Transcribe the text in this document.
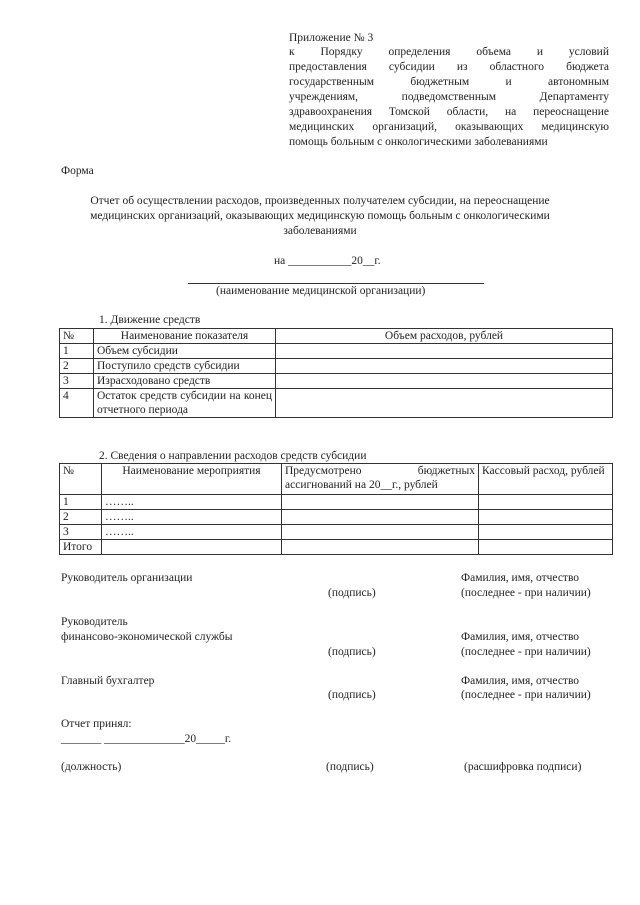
Приложение № 3
к Порядку определения объема и условий
предоставления субсидии из областного бюджета
государственным бюджетным и автономным
учреждениям, подведомственным Департаменту
здравоохранения Томской области, на переоснащение
медицинских организаций, оказывающих медицинскую
помощь больным с онкологическими заболеваниями
Форма
Отчет об осуществлении расходов, произведенных получателем субсидии, на переоснащение
медицинских организаций, оказывающих медицинскую помощь больным с онкологическими
заболеваниями
на ___________20__г.
(наименование медицинской организации)
1. Движение средств
№	Наименование показателя	Объем расходов, рублей
1	Объем субсидии	
2	Поступило средств субсидии	
3	Израсходовано средств	
4	Остаток средств субсидии на конец отчетного периода	
2. Сведения о направлении расходов средств субсидии
№	Наименование мероприятия	Предусмотрено бюджетных ассигнований на 20__г., рублей	Кассовый расход, рублей
1	……..		
2	……..		
3	……..		
Итого			
Руководитель организации
(подпись)
Фамилия, имя, отчество
(последнее - при наличии)
Руководитель
финансово-экономической службы
(подпись)
Фамилия, имя, отчество
(последнее - при наличии)
Главный бухгалтер
(подпись)
Фамилия, имя, отчество
(последнее - при наличии)
Отчет принял:
_______ ______________20_____г.
(должность)	(подпись)	(расшифровка подписи)
